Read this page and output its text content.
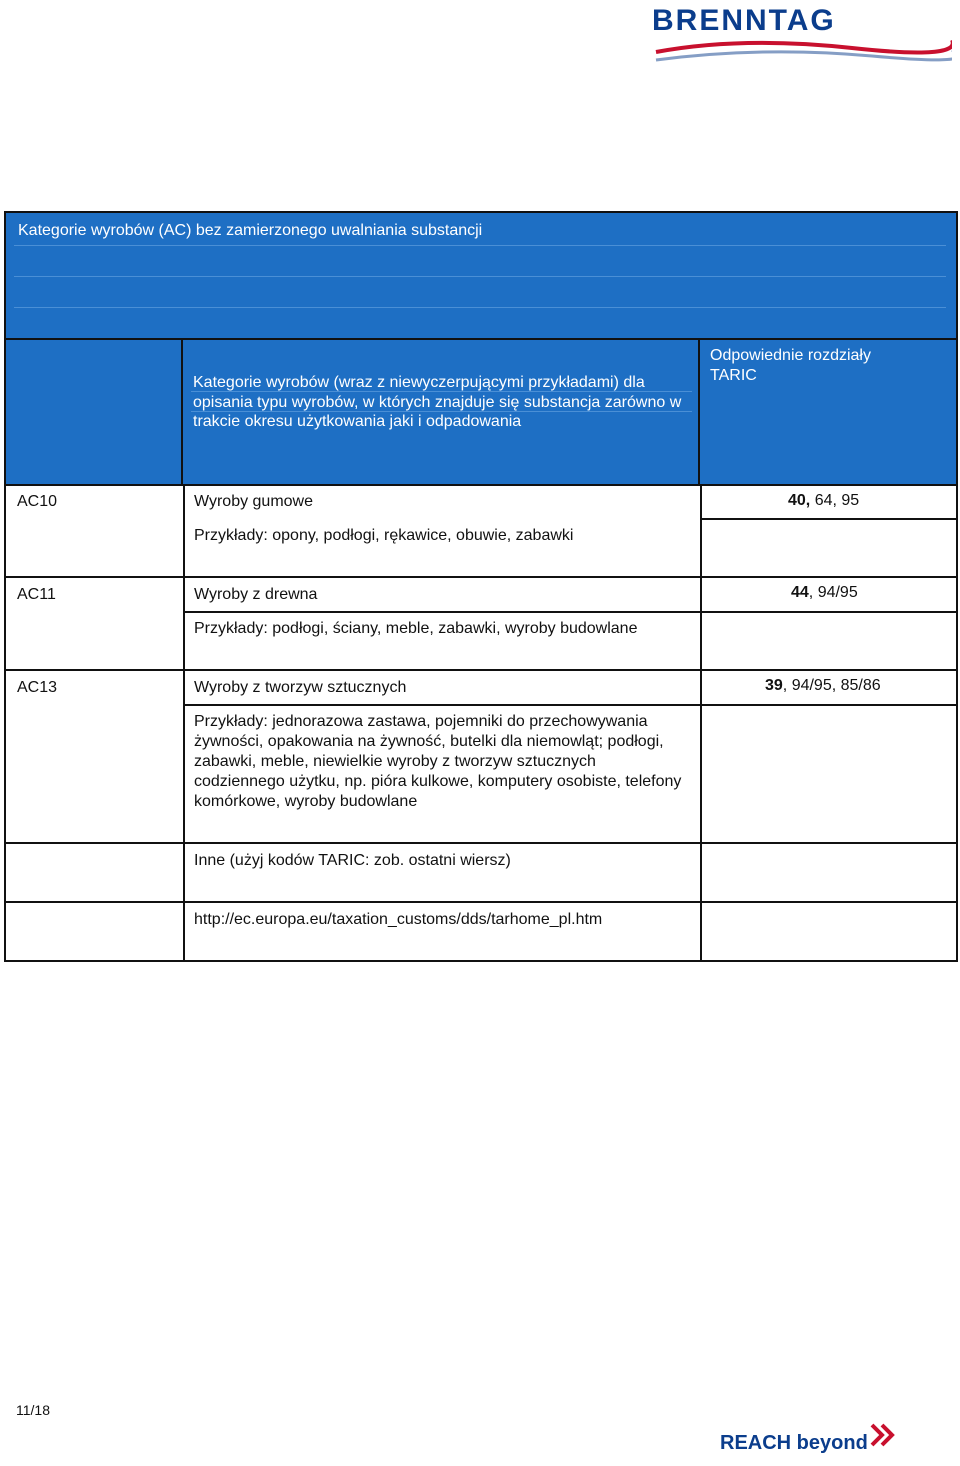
BRENNTAG
Kategorie wyrobów (AC) bez zamierzonego uwalniania substancji
Kategorie wyrobów (wraz z niewyczerpującymi przykładami) dla opisania typu wyrobów, w których znajduje się substancja zarówno w trakcie okresu użytkowania jaki i odpadowania
Odpowiednie rozdziały TARIC
AC10	Wyroby gumowe	40, 64, 95
Przykłady: opony, podłogi, rękawice, obuwie, zabawki
AC11	Wyroby z drewna	44, 94/95
Przykłady: podłogi, ściany, meble, zabawki, wyroby budowlane
AC13	Wyroby z tworzyw sztucznych	39, 94/95, 85/86
Przykłady: jednorazowa zastawa, pojemniki do przechowywania żywności, opakowania na żywność, butelki dla niemowląt; podłogi, zabawki, meble, niewielkie wyroby z tworzyw sztucznych codziennego użytku, np. pióra kulkowe, komputery osobiste, telefony komórkowe, wyroby budowlane
Inne (użyj kodów TARIC: zob. ostatni wiersz)
http://ec.europa.eu/taxation_customs/dds/tarhome_pl.htm
11/18
REACH beyond
